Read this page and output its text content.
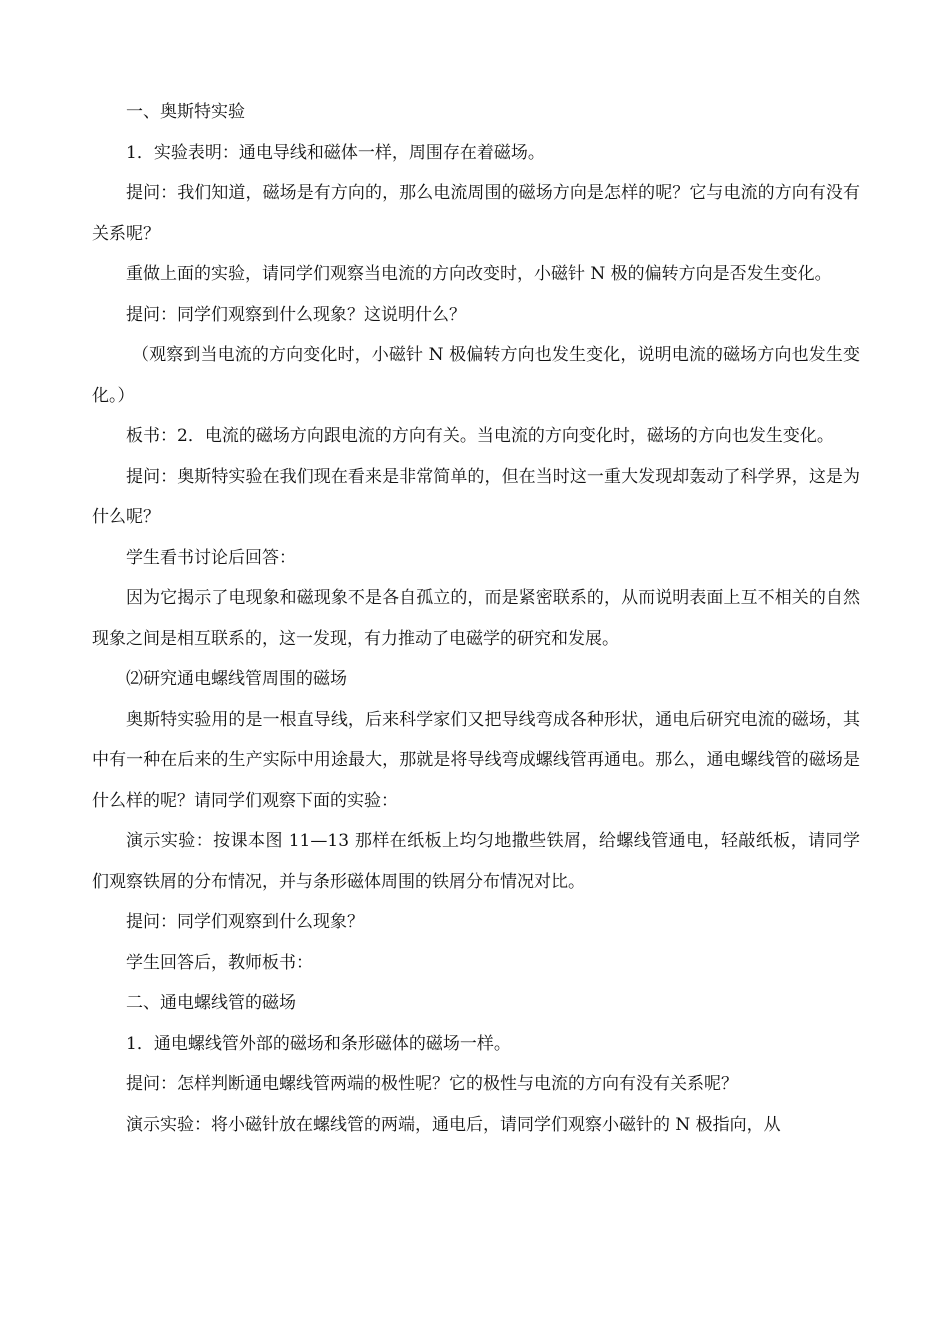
一、奥斯特实验

1．实验表明：通电导线和磁体一样，周围存在着磁场。

提问：我们知道，磁场是有方向的，那么电流周围的磁场方向是怎样的呢？它与电流的方向有没有关系呢？

重做上面的实验，请同学们观察当电流的方向改变时，小磁针 N 极的偏转方向是否发生变化。

提问：同学们观察到什么现象？这说明什么？

（观察到当电流的方向变化时，小磁针 N 极偏转方向也发生变化，说明电流的磁场方向也发生变化。）

板书：2．电流的磁场方向跟电流的方向有关。当电流的方向变化时，磁场的方向也发生变化。

提问：奥斯特实验在我们现在看来是非常简单的，但在当时这一重大发现却轰动了科学界，这是为什么呢？

学生看书讨论后回答：

因为它揭示了电现象和磁现象不是各自孤立的，而是紧密联系的，从而说明表面上互不相关的自然现象之间是相互联系的，这一发现，有力推动了电磁学的研究和发展。

⑵研究通电螺线管周围的磁场

奥斯特实验用的是一根直导线，后来科学家们又把导线弯成各种形状，通电后研究电流的磁场，其中有一种在后来的生产实际中用途最大，那就是将导线弯成螺线管再通电。那么，通电螺线管的磁场是什么样的呢？请同学们观察下面的实验：

演示实验：按课本图 11—13 那样在纸板上均匀地撒些铁屑，给螺线管通电，轻敲纸板，请同学们观察铁屑的分布情况，并与条形磁体周围的铁屑分布情况对比。

提问：同学们观察到什么现象？

学生回答后，教师板书：

二、通电螺线管的磁场

1．通电螺线管外部的磁场和条形磁体的磁场一样。

提问：怎样判断通电螺线管两端的极性呢？它的极性与电流的方向有没有关系呢？

演示实验：将小磁针放在螺线管的两端，通电后，请同学们观察小磁针的 N 极指向，从
